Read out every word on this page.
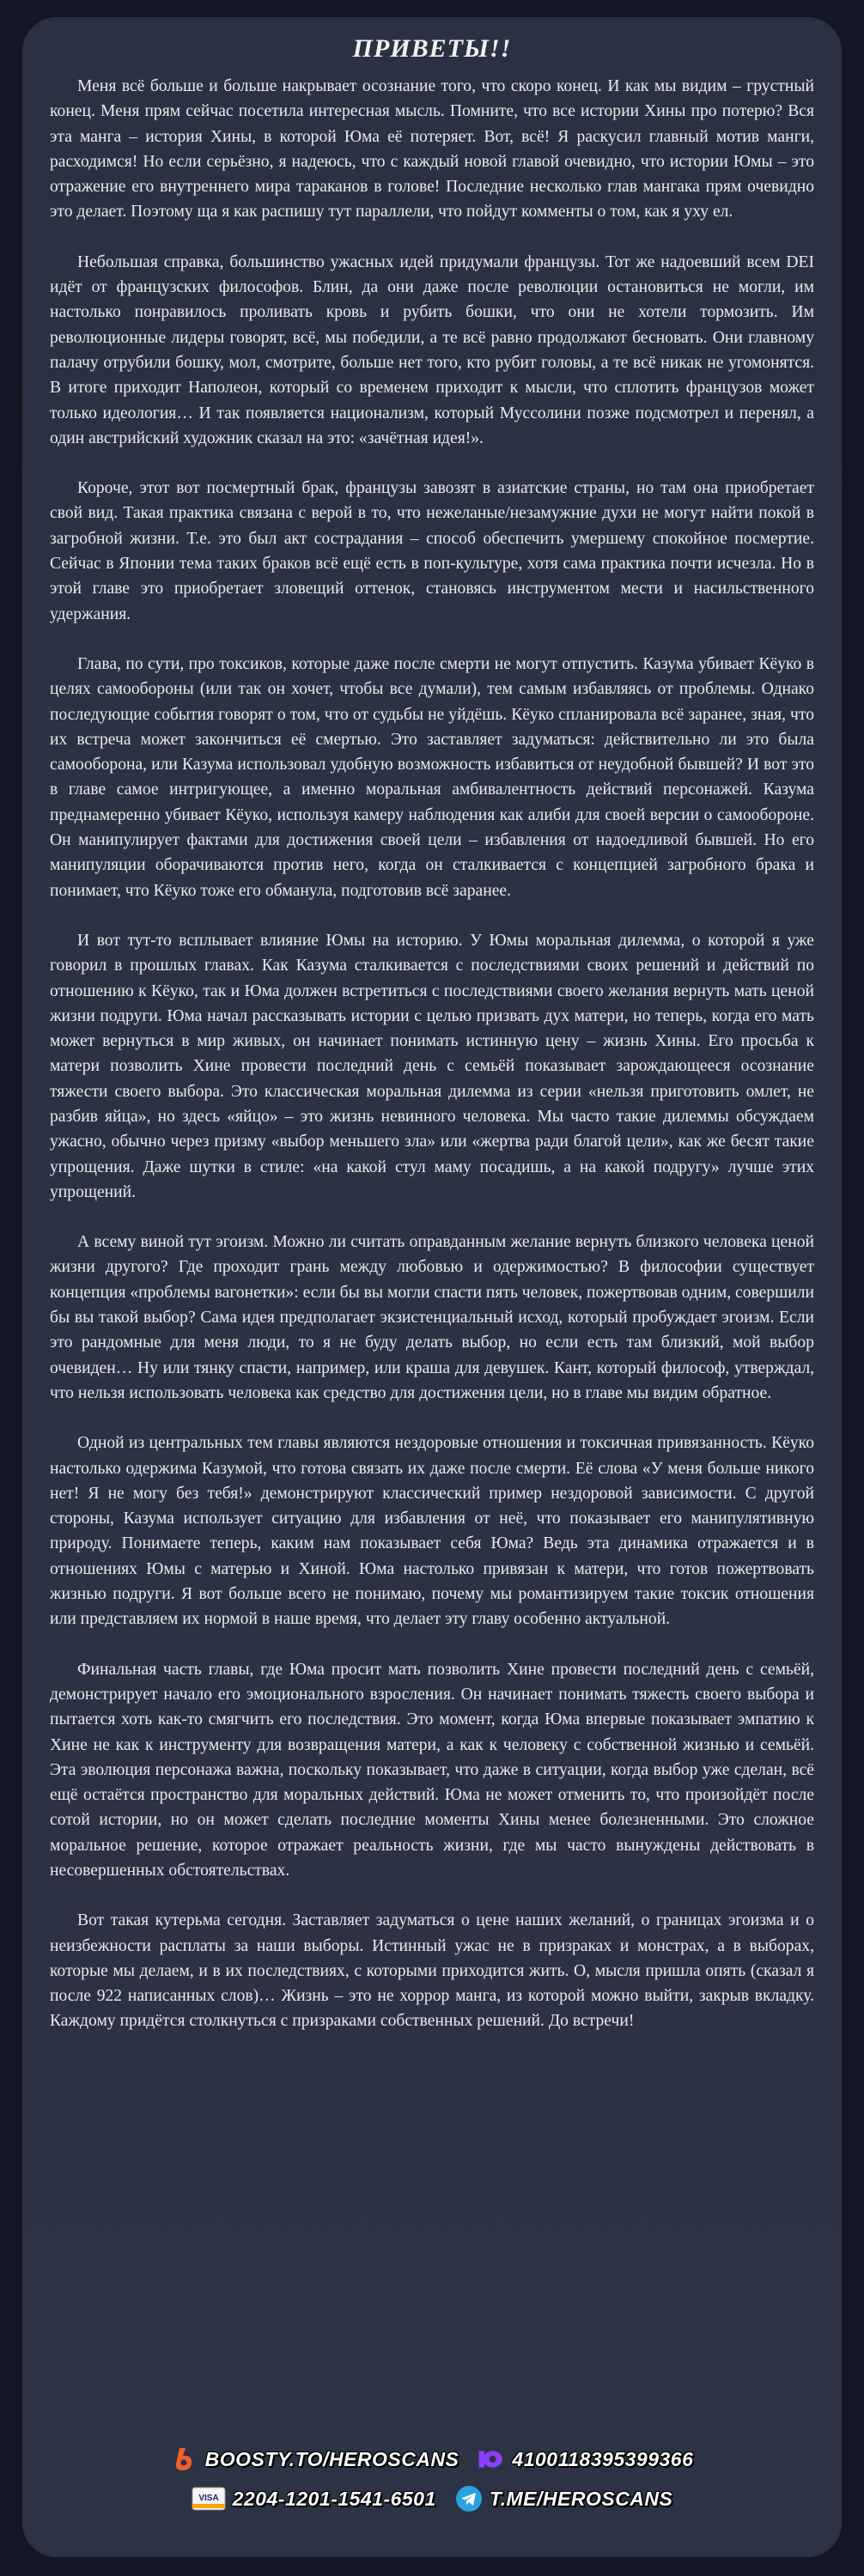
ПРИВЕТЫ!!

Меня всё больше и больше накрывает осознание того, что скоро конец. И как мы видим – грустный конец. Меня прям сейчас посетила интересная мысль. Помните, что все истории Хины про потерю? Вся эта манга – история Хины, в которой Юма её потеряет. Вот, всё! Я раскусил главный мотив манги, расходимся! Но если серьёзно, я надеюсь, что с каждый новой главой очевидно, что истории Юмы – это отражение его внутреннего мира тараканов в голове! Последние несколько глав мангака прям очевидно это делает. Поэтому ща я как распишу тут параллели, что пойдут комменты о том, как я уху ел.

Небольшая справка, большинство ужасных идей придумали французы. Тот же надоевший всем DEI идёт от французских философов. Блин, да они даже после революции остановиться не могли, им настолько понравилось проливать кровь и рубить бошки, что они не хотели тормозить. Им революционные лидеры говорят, всё, мы победили, а те всё равно продолжают бесновать. Они главному палачу отрубили бошку, мол, смотрите, больше нет того, кто рубит головы, а те всё никак не угомонятся. В итоге приходит Наполеон, который со временем приходит к мысли, что сплотить французов может только идеология… И так появляется национализм, который Муссолини позже подсмотрел и перенял, а один австрийский художник сказал на это: «зачётная идея!».

Короче, этот вот посмертный брак, французы завозят в азиатские страны, но там она приобретает свой вид. Такая практика связана с верой в то, что нежеланые/незамужние духи не могут найти покой в загробной жизни. Т.е. это был акт сострадания – способ обеспечить умершему спокойное посмертие. Сейчас в Японии тема таких браков всё ещё есть в поп-культуре, хотя сама практика почти исчезла. Но в этой главе это приобретает зловещий оттенок, становясь инструментом мести и насильственного удержания.

Глава, по сути, про токсиков, которые даже после смерти не могут отпустить. Казума убивает Кёуко в целях самообороны (или так он хочет, чтобы все думали), тем самым избавляясь от проблемы. Однако последующие события говорят о том, что от судьбы не уйдёшь. Кёуко спланировала всё заранее, зная, что их встреча может закончиться её смертью. Это заставляет задуматься: действительно ли это была самооборона, или Казума использовал удобную возможность избавиться от неудобной бывшей? И вот это в главе самое интригующее, а именно моральная амбивалентность действий персонажей. Казума преднамеренно убивает Кёуко, используя камеру наблюдения как алиби для своей версии о самообороне. Он манипулирует фактами для достижения своей цели – избавления от надоедливой бывшей. Но его манипуляции оборачиваются против него, когда он сталкивается с концепцией загробного брака и понимает, что Кёуко тоже его обманула, подготовив всё заранее.

И вот тут-то всплывает влияние Юмы на историю. У Юмы моральная дилемма, о которой я уже говорил в прошлых главах. Как Казума сталкивается с последствиями своих решений и действий по отношению к Кёуко, так и Юма должен встретиться с последствиями своего желания вернуть мать ценой жизни подруги. Юма начал рассказывать истории с целью призвать дух матери, но теперь, когда его мать может вернуться в мир живых, он начинает понимать истинную цену – жизнь Хины. Его просьба к матери позволить Хине провести последний день с семьёй показывает зарождающееся осознание тяжести своего выбора. Это классическая моральная дилемма из серии «нельзя приготовить омлет, не разбив яйца», но здесь «яйцо» – это жизнь невинного человека. Мы часто такие дилеммы обсуждаем ужасно, обычно через призму «выбор меньшего зла» или «жертва ради благой цели», как же бесят такие упрощения. Даже шутки в стиле: «на какой стул маму посадишь, а на какой подругу» лучше этих упрощений.

А всему виной тут эгоизм. Можно ли считать оправданным желание вернуть близкого человека ценой жизни другого? Где проходит грань между любовью и одержимостью? В философии существует концепция «проблемы вагонетки»: если бы вы могли спасти пять человек, пожертвовав одним, совершили бы вы такой выбор? Сама идея предполагает экзистенциальный исход, который пробуждает эгоизм. Если это рандомные для меня люди, то я не буду делать выбор, но если есть там близкий, мой выбор очевиден… Ну или тянку спасти, например, или краша для девушек. Кант, который философ, утверждал, что нельзя использовать человека как средство для достижения цели, но в главе мы видим обратное.

Одной из центральных тем главы являются нездоровые отношения и токсичная привязанность. Кёуко настолько одержима Казумой, что готова связать их даже после смерти. Её слова «У меня больше никого нет! Я не могу без тебя!» демонстрируют классический пример нездоровой зависимости. С другой стороны, Казума использует ситуацию для избавления от неё, что показывает его манипулятивную природу. Понимаете теперь, каким нам показывает себя Юма? Ведь эта динамика отражается и в отношениях Юмы с матерью и Хиной. Юма настолько привязан к матери, что готов пожертвовать жизнью подруги. Я вот больше всего не понимаю, почему мы романтизируем такие токсик отношения или представляем их нормой в наше время, что делает эту главу особенно актуальной.

Финальная часть главы, где Юма просит мать позволить Хине провести последний день с семьёй, демонстрирует начало его эмоционального взросления. Он начинает понимать тяжесть своего выбора и пытается хоть как-то смягчить его последствия. Это момент, когда Юма впервые показывает эмпатию к Хине не как к инструменту для возвращения матери, а как к человеку с собственной жизнью и семьёй. Эта эволюция персонажа важна, поскольку показывает, что даже в ситуации, когда выбор уже сделан, всё ещё остаётся пространство для моральных действий. Юма не может отменить то, что произойдёт после сотой истории, но он может сделать последние моменты Хины менее болезненными. Это сложное моральное решение, которое отражает реальность жизни, где мы часто вынуждены действовать в несовершенных обстоятельствах.

Вот такая кутерьма сегодня. Заставляет задуматься о цене наших желаний, о границах эгоизма и о неизбежности расплаты за наши выборы. Истинный ужас не в призраках и монстрах, а в выборах, которые мы делаем, и в их последствиях, с которыми приходится жить. О, мысля пришла опять (сказал я после 922 написанных слов)… Жизнь – это не хоррор манга, из которой можно выйти, закрыв вкладку. Каждому придётся столкнуться с призраками собственных решений. До встречи!

BOOSTY.TO/HEROSCANS	4100118395399366
VISA 2204-1201-1541-6501	T.ME/HEROSCANS
